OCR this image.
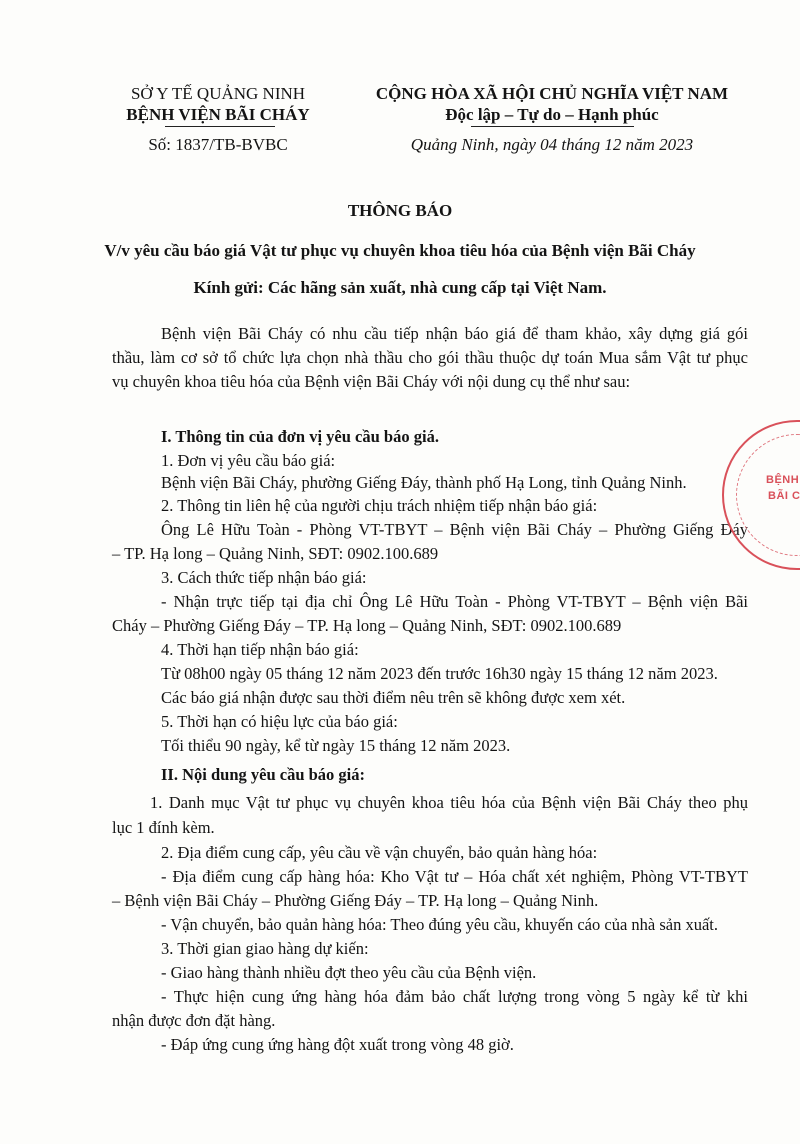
SỞ Y TẾ QUẢNG NINH
BỆNH VIỆN BÃI CHÁY
Số: 1837/TB-BVBC
CỘNG HÒA XÃ HỘI CHỦ NGHĨA VIỆT NAM
Độc lập – Tự do – Hạnh phúc
Quảng Ninh, ngày 04 tháng 12 năm 2023
THÔNG BÁO
V/v yêu cầu báo giá Vật tư phục vụ chuyên khoa tiêu hóa của Bệnh viện Bãi Cháy
Kính gửi: Các hãng sản xuất, nhà cung cấp tại Việt Nam.
Bệnh viện Bãi Cháy có nhu cầu tiếp nhận báo giá để tham khảo, xây dựng giá gói
thầu, làm cơ sở tổ chức lựa chọn nhà thầu cho gói thầu thuộc dự toán Mua sắm Vật tư phục
vụ chuyên khoa tiêu hóa của Bệnh viện Bãi Cháy với nội dung cụ thể như sau:
I. Thông tin của đơn vị yêu cầu báo giá.
1. Đơn vị yêu cầu báo giá:
Bệnh viện Bãi Cháy, phường Giếng Đáy, thành phố Hạ Long, tỉnh Quảng Ninh.
2. Thông tin liên hệ của người chịu trách nhiệm tiếp nhận báo giá:
Ông Lê Hữu Toàn - Phòng VT-TBYT – Bệnh viện Bãi Cháy – Phường Giếng Đáy
– TP. Hạ long – Quảng Ninh, SĐT: 0902.100.689
3. Cách thức tiếp nhận báo giá:
- Nhận trực tiếp tại địa chỉ Ông Lê Hữu Toàn - Phòng VT-TBYT – Bệnh viện Bãi
Cháy – Phường Giếng Đáy – TP. Hạ long – Quảng Ninh, SĐT: 0902.100.689
4. Thời hạn tiếp nhận báo giá:
Từ 08h00 ngày 05 tháng 12 năm 2023 đến trước 16h30 ngày 15 tháng 12 năm 2023.
Các báo giá nhận được sau thời điểm nêu trên sẽ không được xem xét.
5. Thời hạn có hiệu lực của báo giá:
Tối thiểu 90 ngày, kể từ ngày 15 tháng 12 năm 2023.
II. Nội dung yêu cầu báo giá:
1. Danh mục Vật tư phục vụ chuyên khoa tiêu hóa của Bệnh viện Bãi Cháy theo phụ
lục 1 đính kèm.
2. Địa điểm cung cấp, yêu cầu về vận chuyển, bảo quản hàng hóa:
- Địa điểm cung cấp hàng hóa: Kho Vật tư – Hóa chất xét nghiệm, Phòng VT-TBYT
– Bệnh viện Bãi Cháy – Phường Giếng Đáy – TP. Hạ long – Quảng Ninh.
- Vận chuyển, bảo quản hàng hóa: Theo đúng yêu cầu, khuyến cáo của nhà sản xuất.
3. Thời gian giao hàng dự kiến:
- Giao hàng thành nhiều đợt theo yêu cầu của Bệnh viện.
- Thực hiện cung ứng hàng hóa đảm bảo chất lượng trong vòng 5 ngày kể từ khi
nhận được đơn đặt hàng.
- Đáp ứng cung ứng hàng đột xuất trong vòng 48 giờ.
BỆNH
BÃI C
